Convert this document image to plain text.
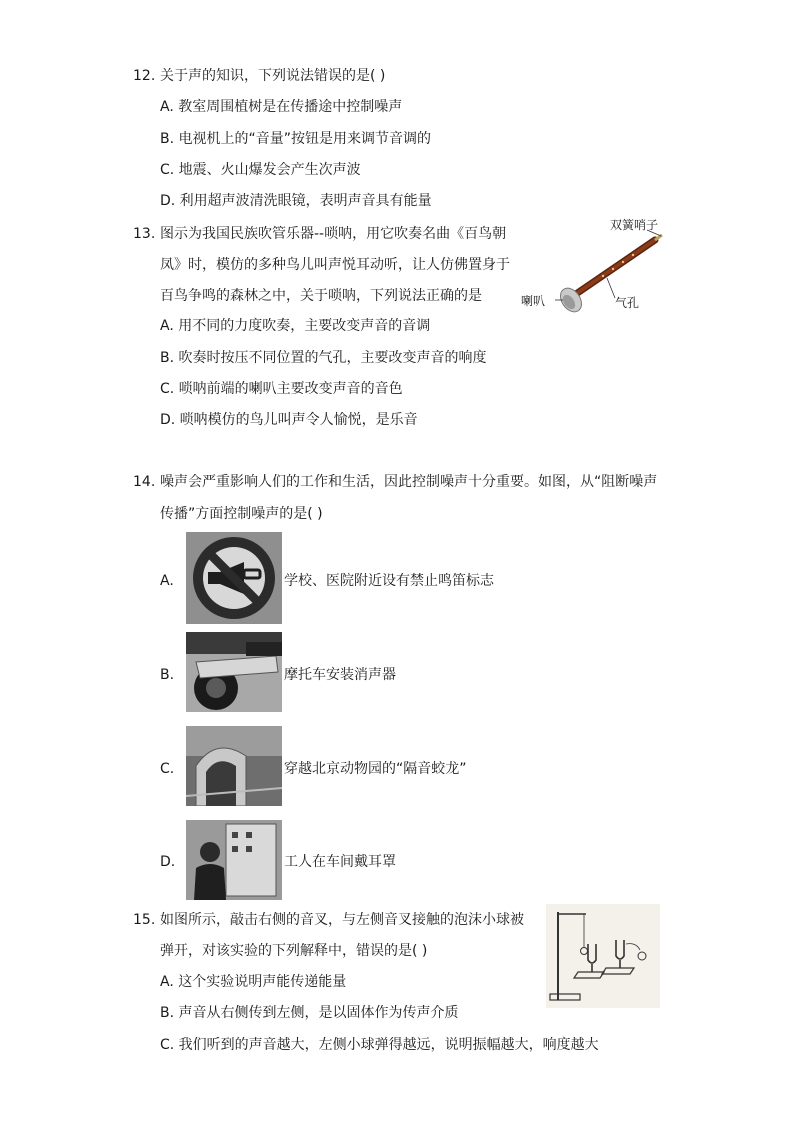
12. 关于声的知识，下列说法错误的是( )
A. 教室周围植树是在传播途中控制噪声
B. 电视机上的“音量”按钮是用来调节音调的
C. 地震、火山爆发会产生次声波
D. 利用超声波清洗眼镜，表明声音具有能量
13. 图示为我国民族吹管乐器--唢呐，用它吹奏名曲《百鸟朝
凤》时，模仿的多种鸟儿叫声悦耳动听，让人仿佛置身于
百鸟争鸣的森林之中，关于唢呐，下列说法正确的是
A. 用不同的力度吹奏，主要改变声音的音调
B. 吹奏时按压不同位置的气孔，主要改变声音的响度
C. 唢呐前端的喇叭主要改变声音的音色
D. 唢呐模仿的鸟儿叫声令人愉悦，是乐音
双簧哨子
喇叭	气孔
14. 噪声会严重影响人们的工作和生活，因此控制噪声十分重要。如图，从“阻断噪声
传播”方面控制噪声的是( )
A.	学校、医院附近设有禁止鸣笛标志
B.	摩托车安装消声器
C.	穿越北京动物园的“隔音蛟龙”
D.	工人在车间戴耳罩
15. 如图所示，敲击右侧的音叉，与左侧音叉接触的泡沫小球被
弹开，对该实验的下列解释中，错误的是( )
A. 这个实验说明声能传递能量
B. 声音从右侧传到左侧，是以固体作为传声介质
C. 我们听到的声音越大，左侧小球弹得越远，说明振幅越大，响度越大
